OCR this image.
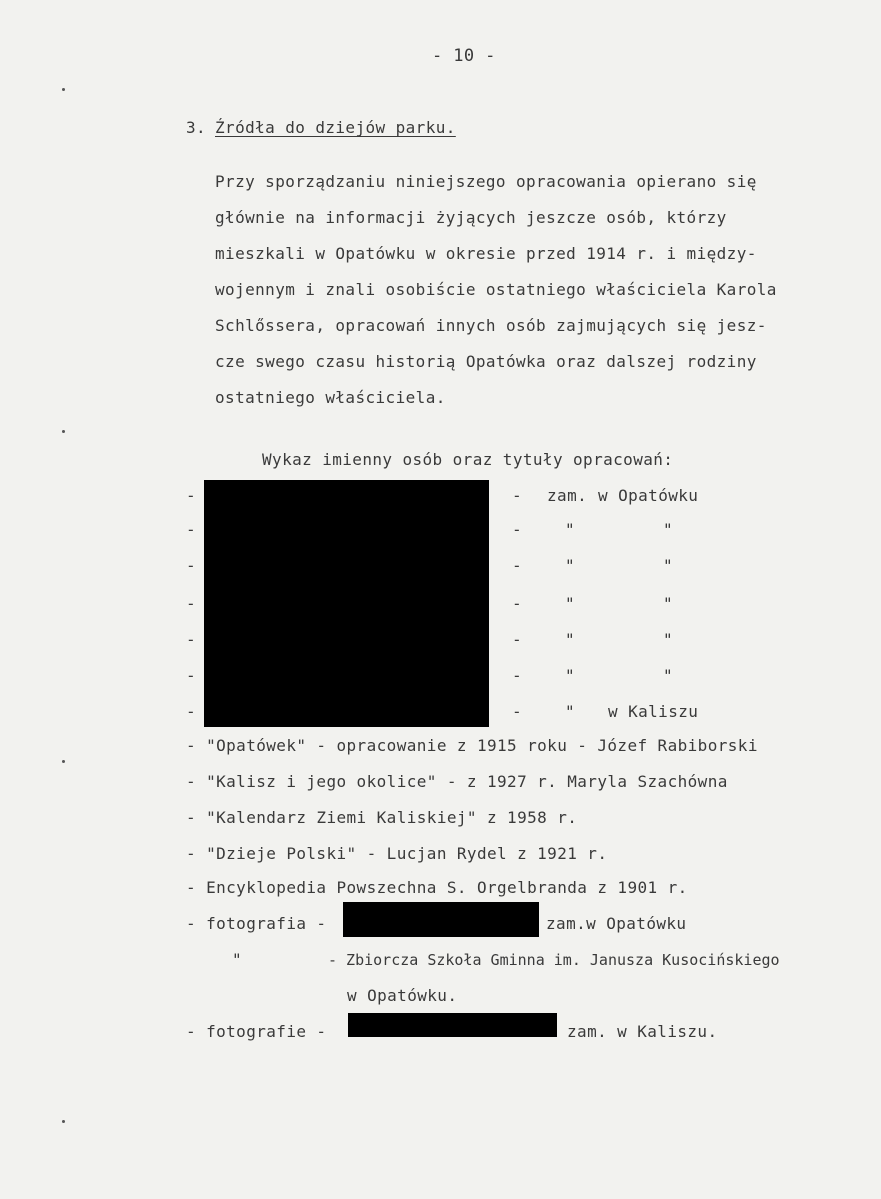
- 10 -
3. Źródła do dziejów parku.
Przy sporządzaniu niniejszego opracowania opierano się
głównie na informacji żyjących jeszcze osób, którzy
mieszkali w Opatówku w okresie przed 1914 r. i między-
wojennym i znali osobiście ostatniego właściciela Karola
Schlőssera, opracowań innych osób zajmujących się jesz-
cze swego czasu historią Opatówka oraz dalszej rodziny
ostatniego właściciela.
Wykaz imienny osób oraz tytuły opracowań:
-	- zam. w Opatówku
-	-	"	"
-	-	"	"
-	-	"	"
-	-	"	"
-	-	"	"
-	-	" w Kaliszu
- "Opatówek" - opracowanie z 1915 roku - Józef Rabiborski
- "Kalisz i jego okolice" - z 1927 r. Maryla Szachówna
- "Kalendarz Ziemi Kaliskiej" z 1958 r.
- "Dzieje Polski" - Lucjan Rydel z 1921 r.
- Encyklopedia Powszechna S. Orgelbranda z 1901 r.
- fotografia -	zam.w Opatówku
"	- Zbiorcza Szkoła Gminna im. Janusza Kusocińskiego
w Opatówku.
- fotografie -	zam. w Kaliszu.
